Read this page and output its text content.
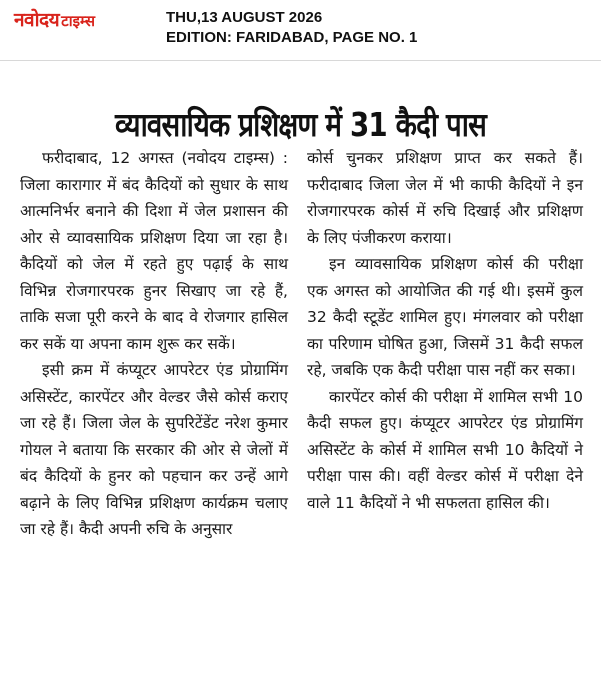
नवोदय टाइम्स	THU,13 AUGUST 2026
EDITION: FARIDABAD, PAGE NO. 1
व्यावसायिक प्रशिक्षण में 31 कैदी पास

फरीदाबाद, 12 अगस्त (नवोदय टाइम्स) : जिला कारागार में बंद कैदियों को सुधार के साथ आत्मनिर्भर बनाने की दिशा में जेल प्रशासन की ओर से व्यावसायिक प्रशिक्षण दिया जा रहा है। कैदियों को जेल में रहते हुए पढ़ाई के साथ विभिन्न रोजगारपरक हुनर सिखाए जा रहे हैं, ताकि सजा पूरी करने के बाद वे रोजगार हासिल कर सकें या अपना काम शुरू कर सकें।

इसी क्रम में कंप्यूटर आपरेटर एंड प्रोग्रामिंग असिस्टेंट, कारपेंटर और वेल्डर जैसे कोर्स कराए जा रहे हैं। जिला जेल के सुपरिटेंडेंट नरेश कुमार गोयल ने बताया कि सरकार की ओर से जेलों में बंद कैदियों के हुनर को पहचान कर उन्हें आगे बढ़ाने के लिए विभिन्न प्रशिक्षण कार्यक्रम चलाए जा रहे हैं। कैदी अपनी रुचि के अनुसार

कोर्स चुनकर प्रशिक्षण प्राप्त कर सकते हैं। फरीदाबाद जिला जेल में भी काफी कैदियों ने इन रोजगारपरक कोर्स में रुचि दिखाई और प्रशिक्षण के लिए पंजीकरण कराया।

इन व्यावसायिक प्रशिक्षण कोर्स की परीक्षा एक अगस्त को आयोजित की गई थी। इसमें कुल 32 कैदी स्टूडेंट शामिल हुए। मंगलवार को परीक्षा का परिणाम घोषित हुआ, जिसमें 31 कैदी सफल रहे, जबकि एक कैदी परीक्षा पास नहीं कर सका।

कारपेंटर कोर्स की परीक्षा में शामिल सभी 10 कैदी सफल हुए। कंप्यूटर आपरेटर एंड प्रोग्रामिंग असिस्टेंट के कोर्स में शामिल सभी 10 कैदियों ने परीक्षा पास की। वहीं वेल्डर कोर्स में परीक्षा देने वाले 11 कैदियों ने भी सफलता हासिल की।
